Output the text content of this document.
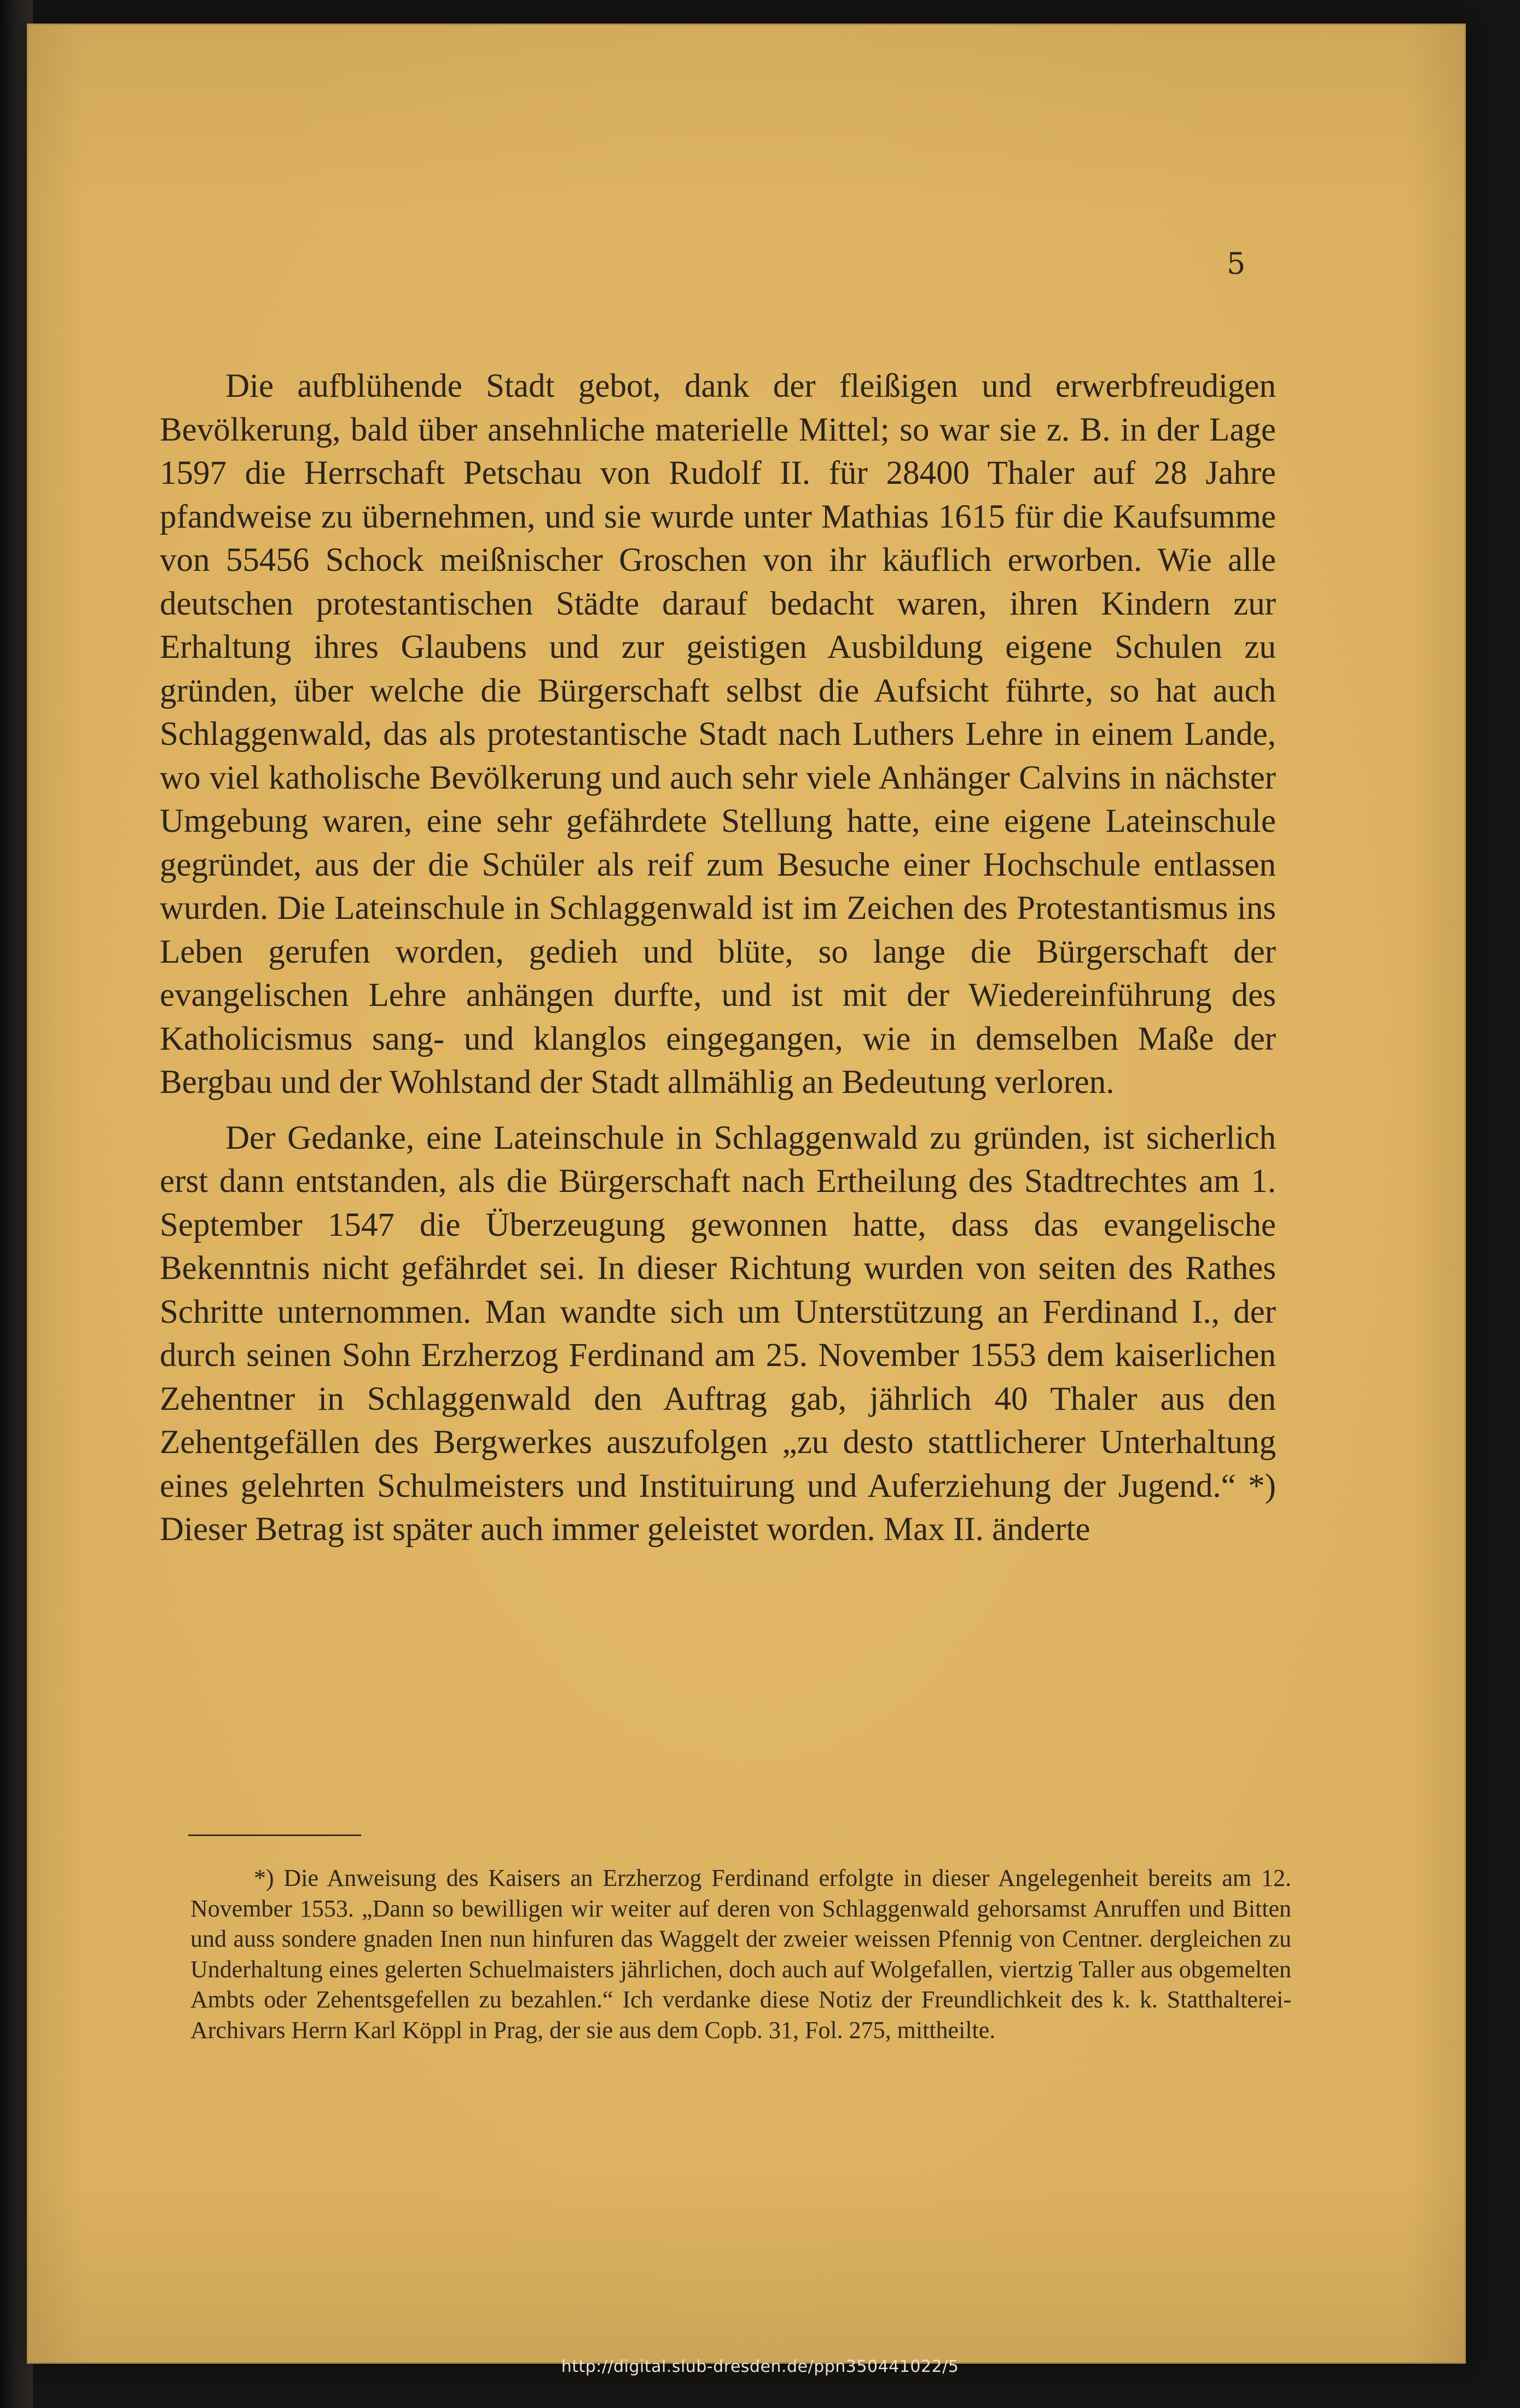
5

Die aufblühende Stadt gebot, dank der fleißigen und erwerbfreudigen Bevölkerung, bald über ansehnliche materielle Mittel; so war sie z. B. in der Lage 1597 die Herrschaft Petschau von Rudolf II. für 28400 Thaler auf 28 Jahre pfandweise zu übernehmen, und sie wurde unter Mathias 1615 für die Kaufsumme von 55456 Schock meißnischer Groschen von ihr käuflich erworben. Wie alle deutschen protestantischen Städte darauf bedacht waren, ihren Kindern zur Erhaltung ihres Glaubens und zur geistigen Ausbildung eigene Schulen zu gründen, über welche die Bürgerschaft selbst die Aufsicht führte, so hat auch Schlaggenwald, das als protestantische Stadt nach Luthers Lehre in einem Lande, wo viel katholische Bevölkerung und auch sehr viele Anhänger Calvins in nächster Umgebung waren, eine sehr gefährdete Stellung hatte, eine eigene Lateinschule gegründet, aus der die Schüler als reif zum Besuche einer Hochschule entlassen wurden. Die Lateinschule in Schlaggenwald ist im Zeichen des Protestantismus ins Leben gerufen worden, gedieh und blüte, so lange die Bürgerschaft der evangelischen Lehre anhängen durfte, und ist mit der Wiedereinführung des Katholicismus sang- und klanglos eingegangen, wie in demselben Maße der Bergbau und der Wohlstand der Stadt allmählig an Bedeutung verloren.

Der Gedanke, eine Lateinschule in Schlaggenwald zu gründen, ist sicherlich erst dann entstanden, als die Bürgerschaft nach Ertheilung des Stadtrechtes am 1. September 1547 die Überzeugung gewonnen hatte, dass das evangelische Bekenntnis nicht gefährdet sei. In dieser Richtung wurden von seiten des Rathes Schritte unternommen. Man wandte sich um Unterstützung an Ferdinand I., der durch seinen Sohn Erzherzog Ferdinand am 25. November 1553 dem kaiserlichen Zehentner in Schlaggenwald den Auftrag gab, jährlich 40 Thaler aus den Zehentgefällen des Bergwerkes auszufolgen „zu desto stattlicherer Unterhaltung eines gelehrten Schulmeisters und Instituirung und Auferziehung der Jugend.“ *) Dieser Betrag ist später auch immer geleistet worden. Max II. änderte

*) Die Anweisung des Kaisers an Erzherzog Ferdinand erfolgte in dieser Angelegenheit bereits am 12. November 1553. „Dann so bewilligen wir weiter auf deren von Schlaggenwald gehorsamst Anruffen und Bitten und auss sondere gnaden Inen nun hinfuren das Waggelt der zweier weissen Pfennig von Centner. dergleichen zu Underhaltung eines gelerten Schuelmaisters jährlichen, doch auch auf Wolgefallen, viertzig Taller aus obgemelten Ambts oder Zehentsgefellen zu bezahlen.“ Ich verdanke diese Notiz der Freundlichkeit des k. k. Statthalterei-Archivars Herrn Karl Köppl in Prag, der sie aus dem Copb. 31, Fol. 275, mittheilte.

http://digital.slub-dresden.de/ppn350441022/5
